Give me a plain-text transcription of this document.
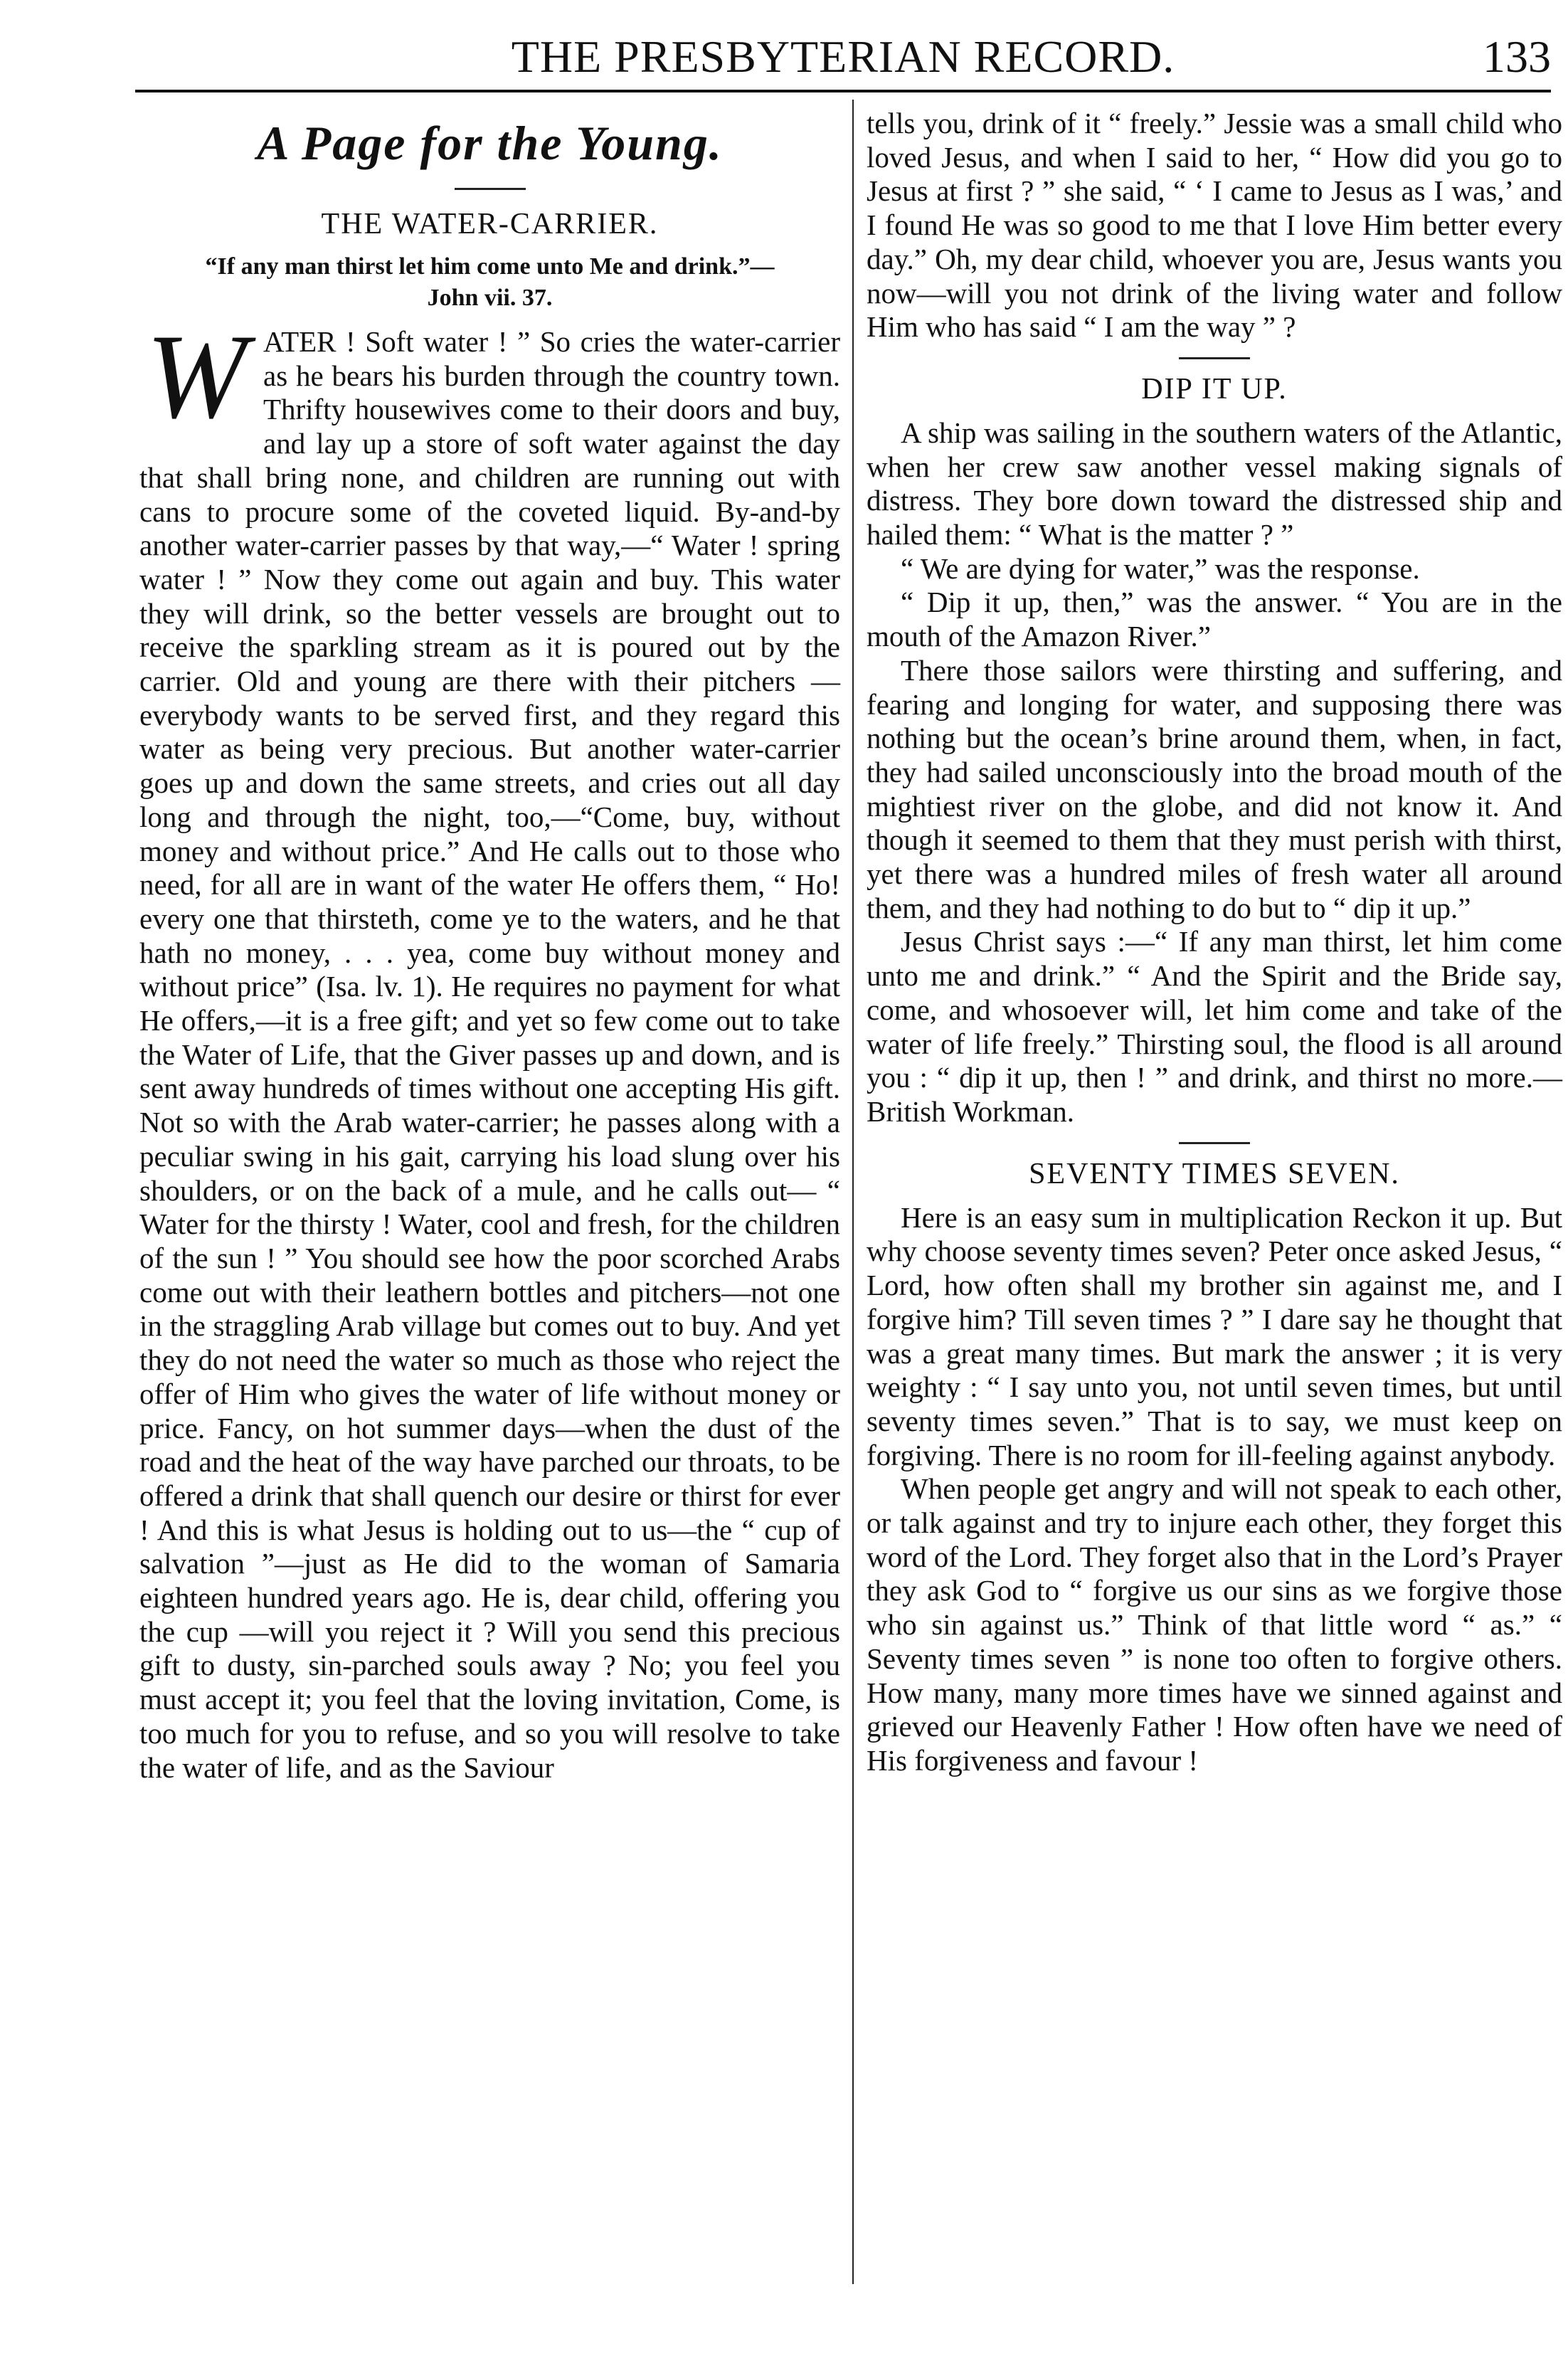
THE PRESBYTERIAN RECORD.	133
A Page for the Young.
THE WATER-CARRIER.
“If any man thirst let him come unto Me and drink.”—
John vii. 37.

WATER ! Soft water ! ” So cries the water-carrier as he bears his burden through the country town. Thrifty housewives come to their doors and buy, and lay up a store of soft water against the day that shall bring none, and children are running out with cans to procure some of the coveted liquid. By-and-by another water-carrier passes by that way,—“ Water ! spring water ! ” Now they come out again and buy. This water they will drink, so the better vessels are brought out to receive the sparkling stream as it is poured out by the carrier. Old and young are there with their pitchers —everybody wants to be served first, and they regard this water as being very precious. But another water-carrier goes up and down the same streets, and cries out all day long and through the night, too,—“Come, buy, without money and without price.” And He calls out to those who need, for all are in want of the water He offers them, “ Ho! every one that thirsteth, come ye to the waters, and he that hath no money, . . . yea, come buy without money and without price” (Isa. lv. 1). He requires no payment for what He offers,—it is a free gift; and yet so few come out to take the Water of Life, that the Giver passes up and down, and is sent away hundreds of times without one accepting His gift. Not so with the Arab water-carrier; he passes along with a peculiar swing in his gait, carrying his load slung over his shoulders, or on the back of a mule, and he calls out— “ Water for the thirsty ! Water, cool and fresh, for the children of the sun ! ” You should see how the poor scorched Arabs come out with their leathern bottles and pitchers—not one in the straggling Arab village but comes out to buy. And yet they do not need the water so much as those who reject the offer of Him who gives the water of life without money or price. Fancy, on hot summer days—when the dust of the road and the heat of the way have parched our throats, to be offered a drink that shall quench our desire or thirst for ever ! And this is what Jesus is holding out to us—the “ cup of salvation ”—just as He did to the woman of Samaria eighteen hundred years ago. He is, dear child, offering you the cup —will you reject it ? Will you send this precious gift to dusty, sin-parched souls away ? No; you feel you must accept it; you feel that the loving invitation, Come, is too much for you to refuse, and so you will resolve to take the water of life, and as the Saviour

tells you, drink of it “ freely.” Jessie was a small child who loved Jesus, and when I said to her, “ How did you go to Jesus at first ? ” she said, “ ‘ I came to Jesus as I was,’ and I found He was so good to me that I love Him better every day.” Oh, my dear child, whoever you are, Jesus wants you now—will you not drink of the living water and follow Him who has said “ I am the way ” ?

DIP IT UP.

A ship was sailing in the southern waters of the Atlantic, when her crew saw another vessel making signals of distress. They bore down toward the distressed ship and hailed them: “ What is the matter ? ”

“ We are dying for water,” was the response.

“ Dip it up, then,” was the answer. “ You are in the mouth of the Amazon River.”

There those sailors were thirsting and suffering, and fearing and longing for water, and supposing there was nothing but the ocean’s brine around them, when, in fact, they had sailed unconsciously into the broad mouth of the mightiest river on the globe, and did not know it. And though it seemed to them that they must perish with thirst, yet there was a hundred miles of fresh water all around them, and they had nothing to do but to “ dip it up.”

Jesus Christ says :—“ If any man thirst, let him come unto me and drink.” “ And the Spirit and the Bride say, come, and whosoever will, let him come and take of the water of life freely.” Thirsting soul, the flood is all around you : “ dip it up, then ! ” and drink, and thirst no more.—British Workman.

SEVENTY TIMES SEVEN.

Here is an easy sum in multiplication Reckon it up. But why choose seventy times seven? Peter once asked Jesus, “ Lord, how often shall my brother sin against me, and I forgive him? Till seven times ? ” I dare say he thought that was a great many times. But mark the answer ; it is very weighty : “ I say unto you, not until seven times, but until seventy times seven.” That is to say, we must keep on forgiving. There is no room for ill-feeling against anybody.

When people get angry and will not speak to each other, or talk against and try to injure each other, they forget this word of the Lord. They forget also that in the Lord’s Prayer they ask God to “ forgive us our sins as we forgive those who sin against us.” Think of that little word “ as.” “ Seventy times seven ” is none too often to forgive others. How many, many more times have we sinned against and grieved our Heavenly Father ! How often have we need of His forgiveness and favour !
